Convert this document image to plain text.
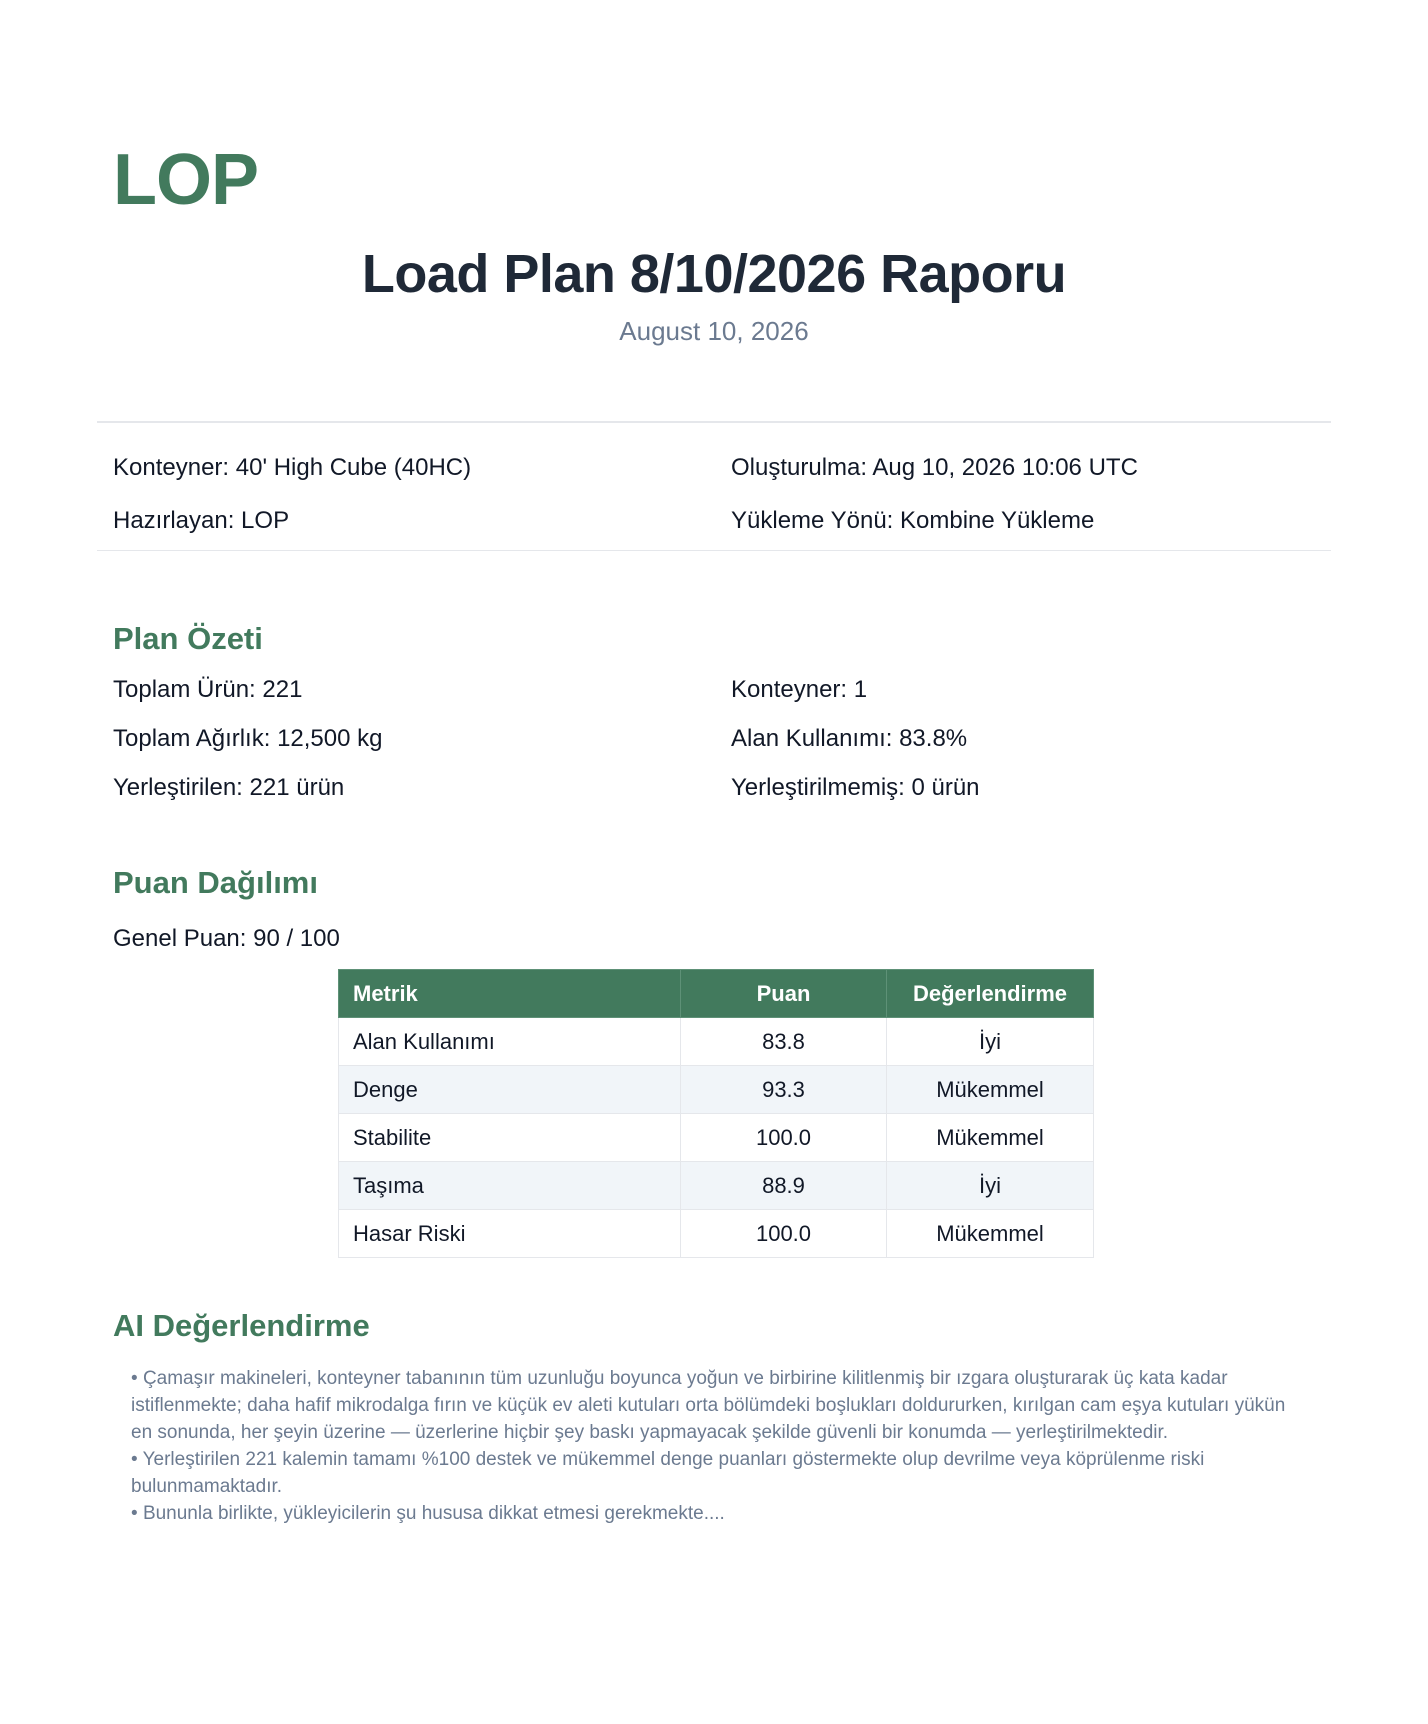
LOP
Load Plan 8/10/2026 Raporu
August 10, 2026
Konteyner: 40' High Cube (40HC)	Oluşturulma: Aug 10, 2026 10:06 UTC
Hazırlayan: LOP	Yükleme Yönü: Kombine Yükleme
Plan Özeti
Toplam Ürün: 221	Konteyner: 1
Toplam Ağırlık: 12,500 kg	Alan Kullanımı: 83.8%
Yerleştirilen: 221 ürün	Yerleştirilmemiş: 0 ürün
Puan Dağılımı
Genel Puan: 90 / 100
Metrik	Puan	Değerlendirme
Alan Kullanımı	83.8	İyi
Denge	93.3	Mükemmel
Stabilite	100.0	Mükemmel
Taşıma	88.9	İyi
Hasar Riski	100.0	Mükemmel
AI Değerlendirme
• Çamaşır makineleri, konteyner tabanının tüm uzunluğu boyunca yoğun ve birbirine kilitlenmiş bir ızgara oluşturarak üç kata kadar istiflenmekte; daha hafif mikrodalga fırın ve küçük ev aleti kutuları orta bölümdeki boşlukları doldururken, kırılgan cam eşya kutuları yükün en sonunda, her şeyin üzerine — üzerlerine hiçbir şey baskı yapmayacak şekilde güvenli bir konumda — yerleştirilmektedir.
• Yerleştirilen 221 kalemin tamamı %100 destek ve mükemmel denge puanları göstermekte olup devrilme veya köprülenme riski bulunmamaktadır.
• Bununla birlikte, yükleyicilerin şu hususa dikkat etmesi gerekmekte....
